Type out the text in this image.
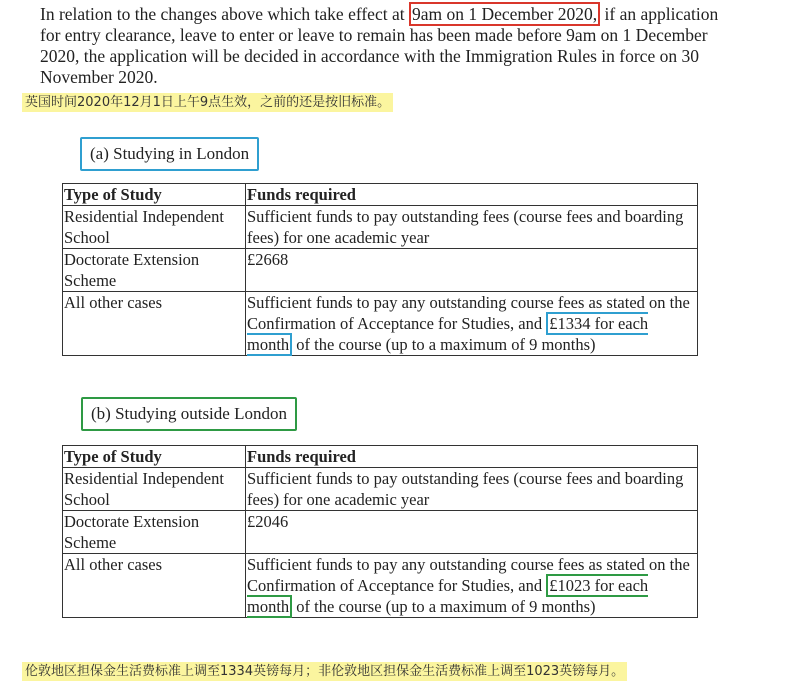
In relation to the changes above which take effect at 9am on 1 December 2020, if an application for entry clearance, leave to enter or leave to remain has been made before 9am on 1 December 2020, the application will be decided in accordance with the Immigration Rules in force on 30 November 2020.

英国时间2020年12月1日上午9点生效，之前的还是按旧标准。

(a) Studying in London
Type of Study	Funds required
Residential Independent School	Sufficient funds to pay outstanding fees (course fees and boarding fees) for one academic year
Doctorate Extension Scheme	£2668
All other cases	Sufficient funds to pay any outstanding course fees as stated on the Confirmation of Acceptance for Studies, and £1334 for each month of the course (up to a maximum of 9 months)
(b) Studying outside London
Type of Study	Funds required
Residential Independent School	Sufficient funds to pay outstanding fees (course fees and boarding fees) for one academic year
Doctorate Extension Scheme	£2046
All other cases	Sufficient funds to pay any outstanding course fees as stated on the Confirmation of Acceptance for Studies, and £1023 for each month of the course (up to a maximum of 9 months)

伦敦地区担保金生活费标准上调至1334英镑每月；非伦敦地区担保金生活费标准上调至1023英镑每月。
